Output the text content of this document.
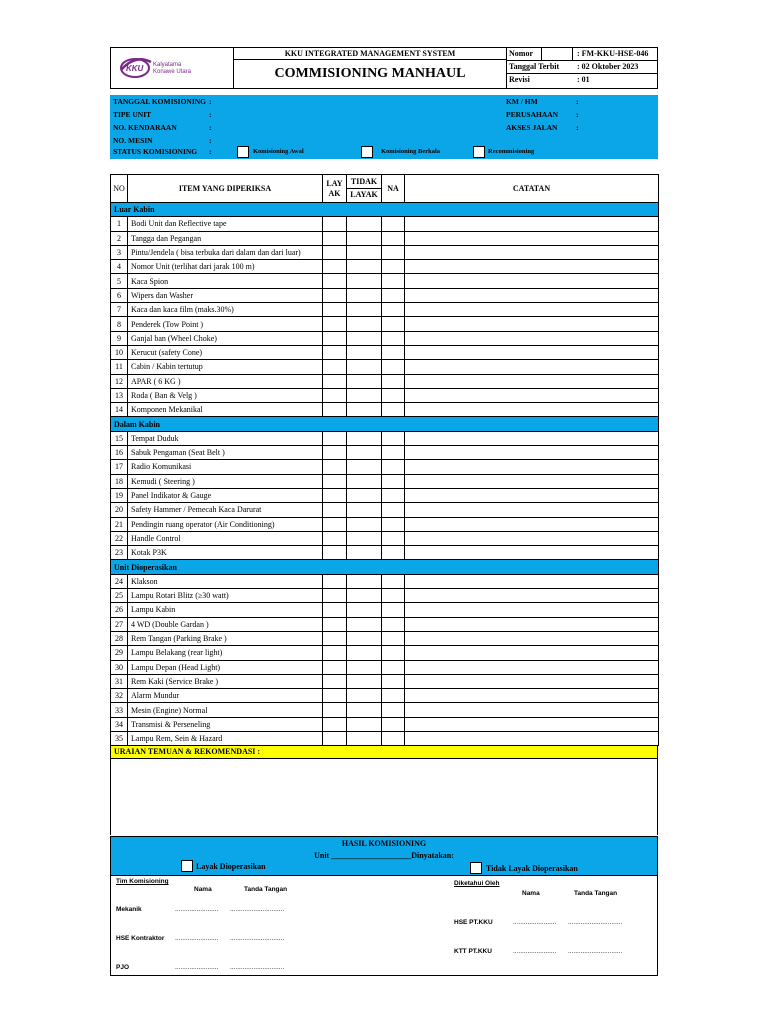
KKU Kalyatama
Konawe Utara
KKU INTEGRATED MANAGEMENT SYSTEM
COMMISIONING MANHAUL
Nomor	: FM-KKU-HSE-046
Tanggal Terbit : 02 Oktober 2023
Revisi	: 01
TANGGAL KOMISIONING :
TIPE UNIT	:
NO. KENDARAAN	:
NO. MESIN	:
STATUS KOMISIONING :	Komisioning Awal	Komisioning Berkala	Recommisioning
KM / HM	:
PERUSAHAAN :
AKSES JALAN :
NO	ITEM YANG DIPERIKSA	LAY AK	TIDAK
LAYAK	NA	CATATAN
Luar Kabin					
1	Bodi Unit dan Reflective tape				
2	Tangga dan Pegangan				
3	Pintu/Jendela ( bisa terbuka dari dalam dan dari luar)				
4	Nomor Unit (terlihat dari jarak 100 m)				
5	Kaca Spion				
6	Wipers dan Washer				
7	Kaca dan kaca film (maks.30%)				
8	Penderek (Tow Point )				
9	Ganjal ban (Wheel Choke)				
10	Kerucut (safety Cone)				
11	Cabin / Kabin tertutup				
12	APAR ( 6 KG )				
13	Roda ( Ban & Velg )				
14	Komponen Mekanikal				
Dalam Kabin					
15	Tempat Duduk				
16	Sabuk Pengaman (Seat Belt )				
17	Radio Komunikasi				
18	Kemudi ( Steering )				
19	Panel Indikator & Gauge				
20	Safety Hammer / Pemecah Kaca Darurat				
21	Pendingin ruang operator (Air Conditioning)				
22	Handle Control				
23	Kotak P3K				
Unit Dioperasikan					
24	Klakson				
25	Lampu Rotari Blitz (≥30 watt)				
26	Lampu Kabin				
27	4 WD (Double Gardan )				
28	Rem Tangan (Parking Brake )				
29	Lampu Belakang (rear light)				
30	Lampu Depan (Head Light)				
31	Rem Kaki (Service Brake )				
32	Alarm Mundur				
33	Mesin (Engine) Normal				
34	Transmisi & Perseneling				
35	Lampu Rem, Sein & Hazard				
URAIAN TEMUAN & REKOMENDASI :
HASIL KOMISIONING
Unit ____________________Dinyatakan:
Layak Dioperasikan	Tidak Layak Dioperasikan
Tim Komisioning
Nama	Tanda Tangan
Mekanik	........................ ..............................
HSE Kontraktor ........................ ..............................
PJO	........................ ..............................
Diketahui Oleh
Nama	Tanda Tangan
HSE PT.KKU	........................ ..............................
KTT PT.KKU	........................ ..............................
